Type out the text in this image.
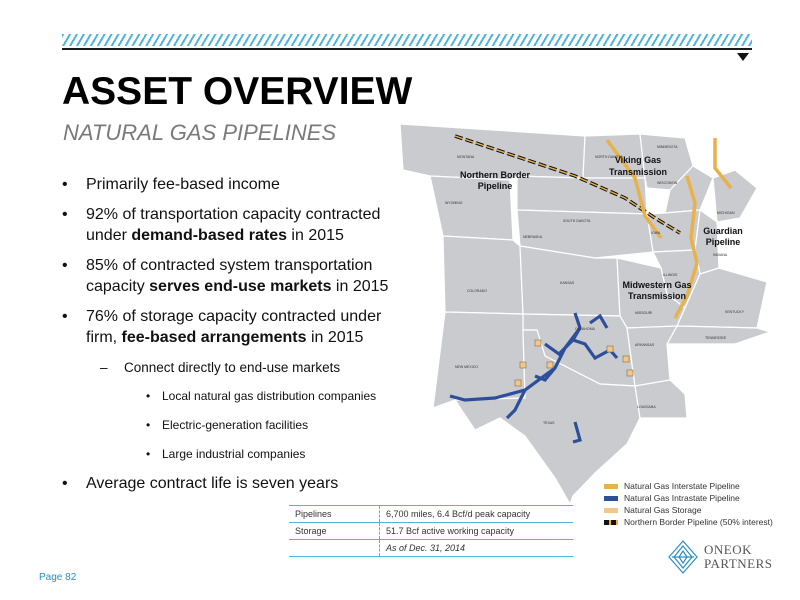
ASSET OVERVIEW
NATURAL GAS PIPELINES
• Primarily fee-based income
• 92% of transportation capacity contracted under demand-based rates in 2015
• 85% of contracted system transportation capacity serves end-use markets in 2015
• 76% of storage capacity contracted under firm, fee-based arrangements in 2015
– Connect directly to end-use markets
• Local natural gas distribution companies
• Electric-generation facilities
• Large industrial companies
• Average contract life is seven years
MONTANA	NORTH DAKOTA
MINNESOTA
WYOMING
SOUTH DAKOTA
WISCONSIN
MICHIGAN
IOWA
NEBRASKA
INDIANA
ILLINOIS
COLORADO
KANSAS
MISSOURI	KENTUCKY
TENNESSEE
OKLAHOMA
ARKANSAS
NEW MEXICO
TEXAS
LOUISIANA
Northern Border
Pipeline
Viking Gas
Transmission
Guardian
Pipeline
Midwestern Gas
Transmission
Natural Gas Interstate Pipeline
Natural Gas Intrastate Pipeline
Natural Gas Storage
Northern Border Pipeline (50% interest)
Pipelines	6,700 miles, 6.4 Bcf/d peak capacity
Storage	51.7 Bcf active working capacity
As of Dec. 31, 2014
Page 82
ONEOK
PARTNERS
